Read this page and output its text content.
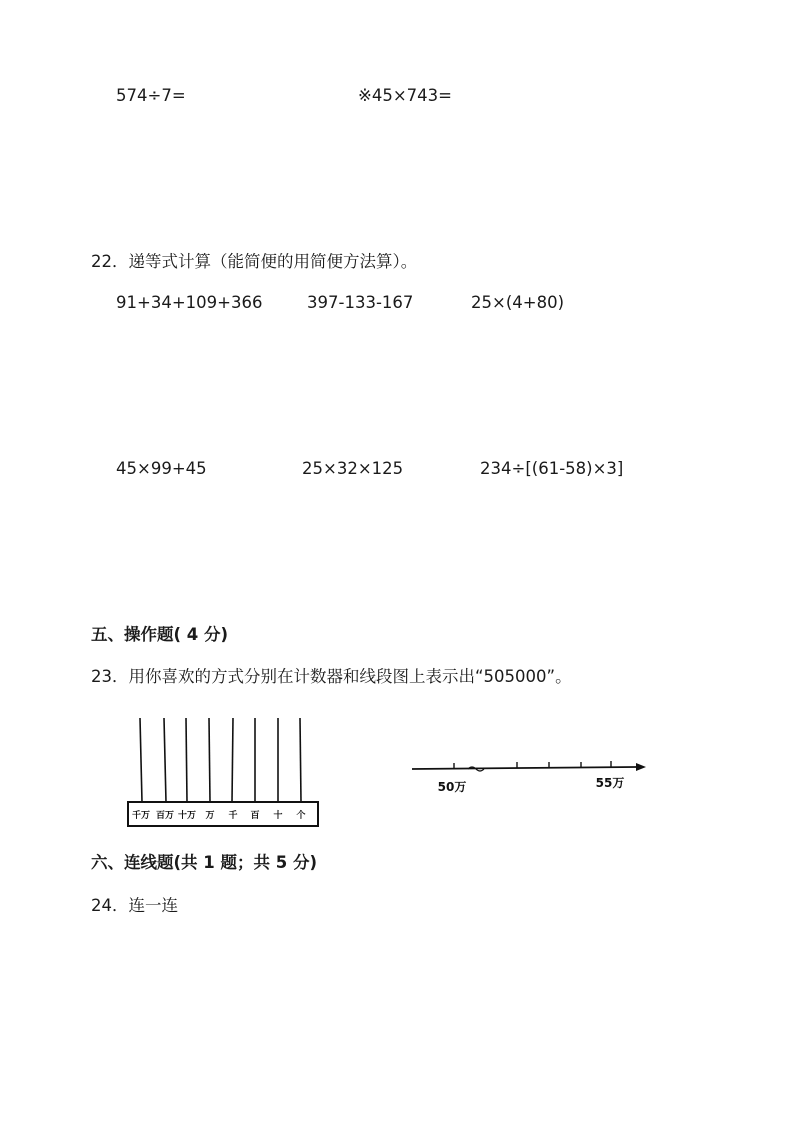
574÷7=	※45×743=
22．递等式计算（能简便的用简便方法算）。
91+34+109+366	397-133-167	25×(4+80)
45×99+45	25×32×125	234÷[(61-58)×3]
五、操作题( 4 分)
23．用你喜欢的方式分别在计数器和线段图上表示出“505000”。
千万 百万 十万 万 千 百 十 个
50万	55万
六、连线题(共 1 题；共 5 分)
24．连一连
